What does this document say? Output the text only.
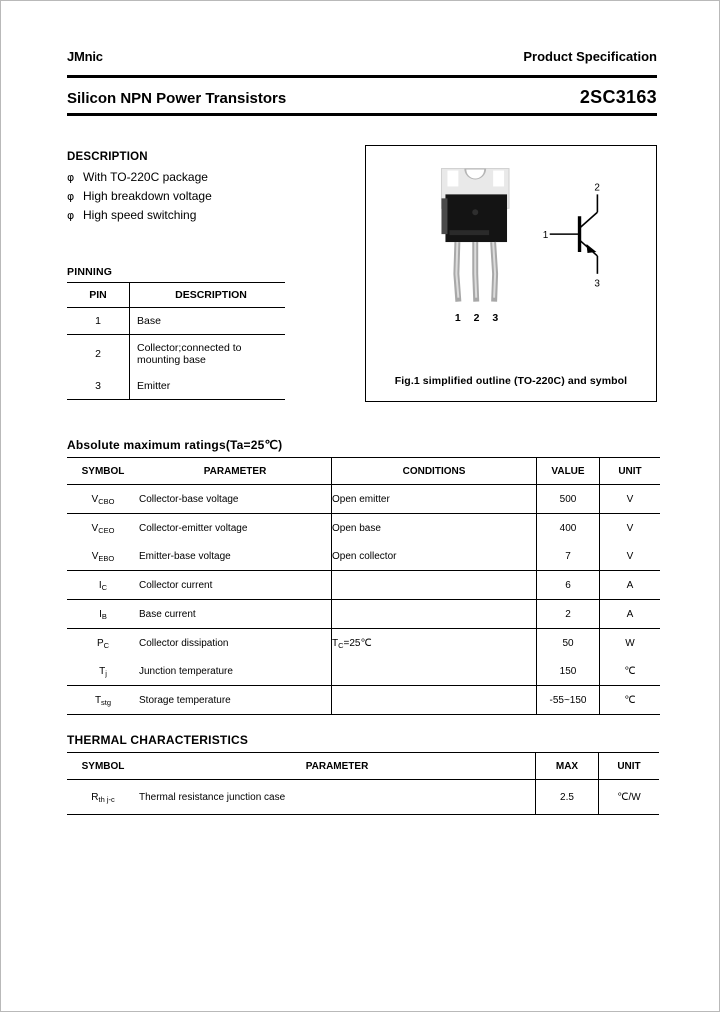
JMnic	Product Specification
Silicon NPN Power Transistors	2SC3163
DESCRIPTION
φ With TO-220C package
φ High breakdown voltage
φ High speed switching
PINNING
PIN	DESCRIPTION
1	Base
2	Collector;connected to mounting base
3	Emitter
1
2
3
1 2 3
Fig.1 simplified outline (TO-220C) and symbol
Absolute maximum ratings(Ta=25℃)
SYMBOL	PARAMETER	CONDITIONS	VALUE	UNIT
$V_{CBO}$	Collector-base voltage	Open emitter	500	V
$V_{CEO}$	Collector-emitter voltage	Open base	400	V
$V_{EBO}$	Emitter-base voltage	Open collector	7	V
$I_C$	Collector current		6	A
$I_B$	Base current		2	A
$P_C$	Collector dissipation	$T_C=25℃$	50	W
$T_j$	Junction temperature		150	℃
$T_{stg}$	Storage temperature		-55~150	℃
THERMAL CHARACTERISTICS
SYMBOL	PARAMETER	MAX	UNIT
$R_{th j-c}$	Thermal resistance junction case	2.5	℃/W
